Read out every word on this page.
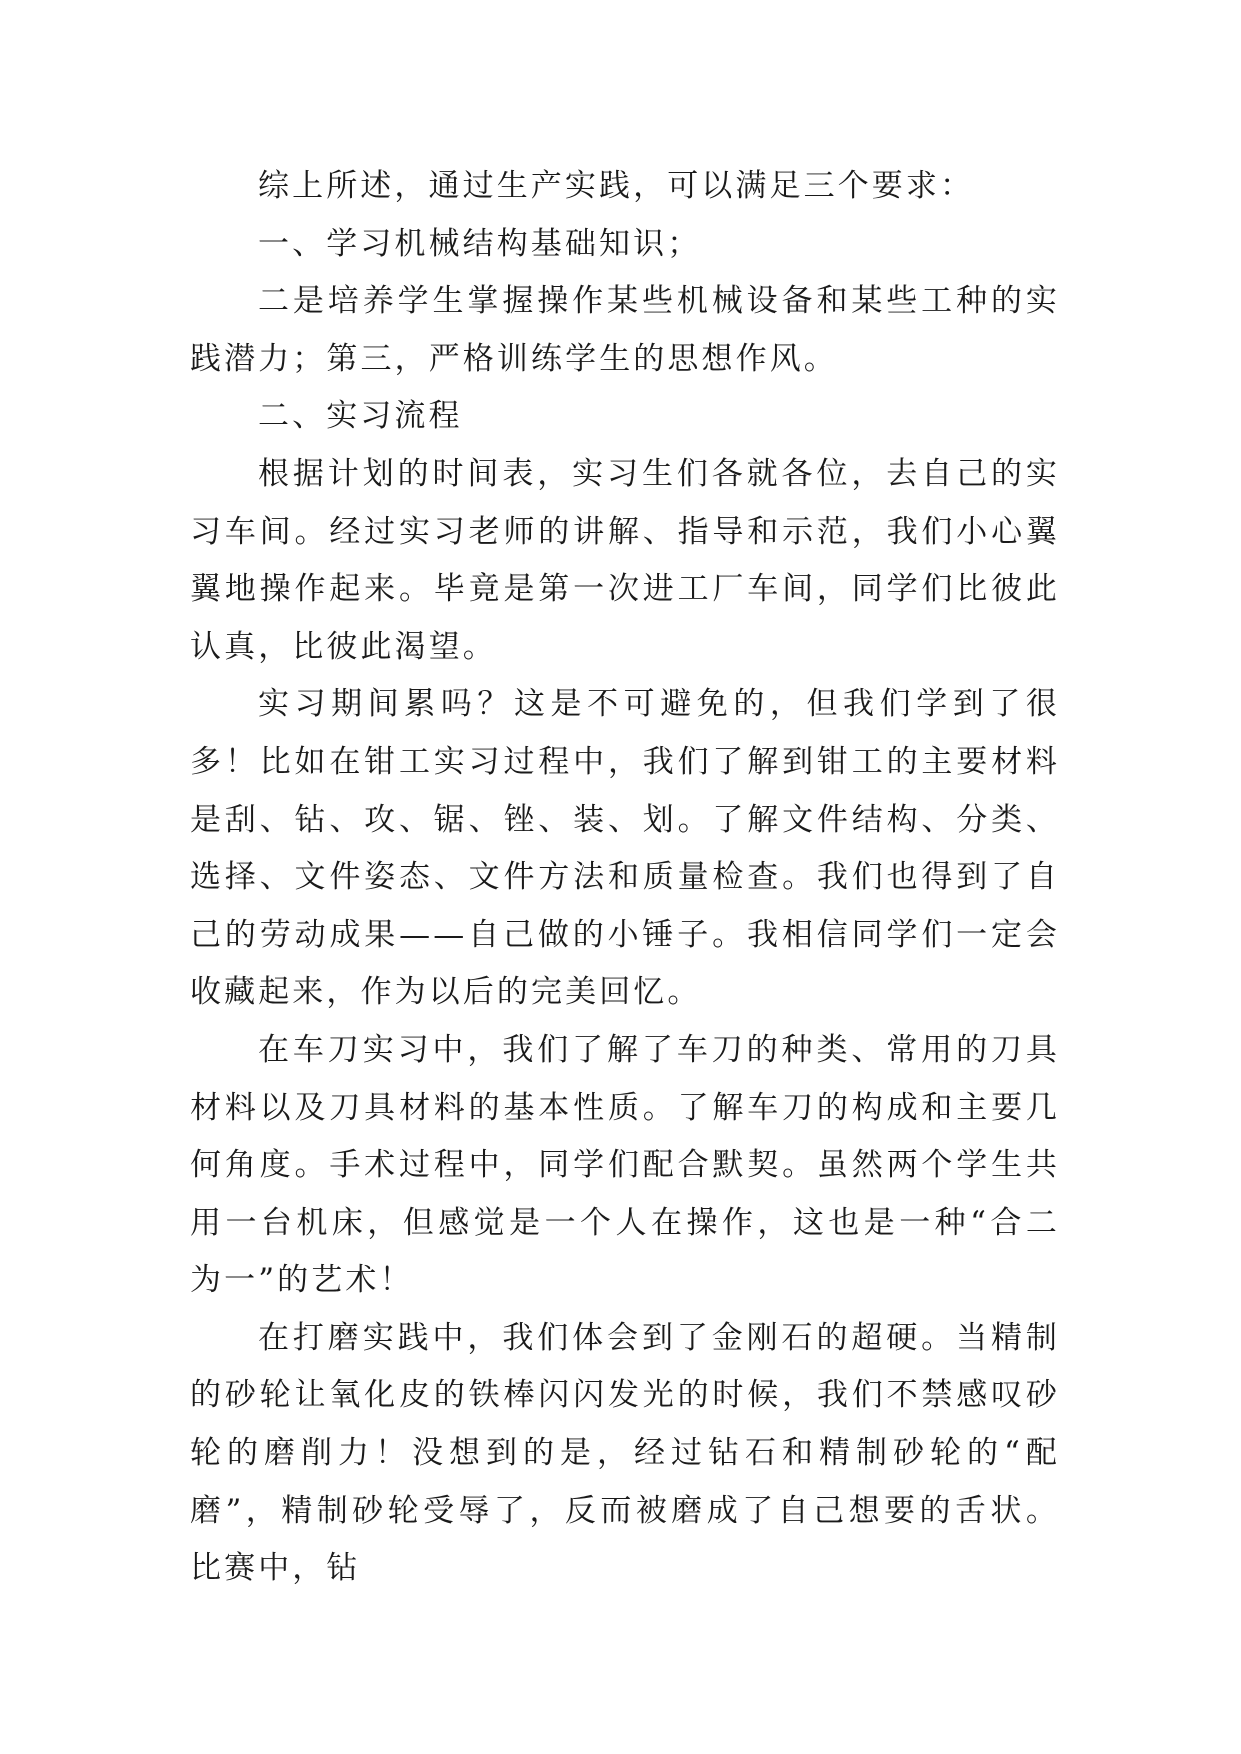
综上所述，通过生产实践，可以满足三个要求：

一、学习机械结构基础知识；

二是培养学生掌握操作某些机械设备和某些工种的实践潜力；第三，严格训练学生的思想作风。

二、实习流程

根据计划的时间表，实习生们各就各位，去自己的实习车间。经过实习老师的讲解、指导和示范，我们小心翼翼地操作起来。毕竟是第一次进工厂车间，同学们比彼此认真，比彼此渴望。

实习期间累吗？这是不可避免的，但我们学到了很多！比如在钳工实习过程中，我们了解到钳工的主要材料是刮、钻、攻、锯、锉、装、划。了解文件结构、分类、选择、文件姿态、文件方法和质量检查。我们也得到了自己的劳动成果——自己做的小锤子。我相信同学们一定会收藏起来，作为以后的完美回忆。

在车刀实习中，我们了解了车刀的种类、常用的刀具材料以及刀具材料的基本性质。了解车刀的构成和主要几何角度。手术过程中，同学们配合默契。虽然两个学生共用一台机床，但感觉是一个人在操作，这也是一种“合二为一”的艺术！

在打磨实践中，我们体会到了金刚石的超硬。当精制的砂轮让氧化皮的铁棒闪闪发光的时候，我们不禁感叹砂轮的磨削力！没想到的是，经过钻石和精制砂轮的“配磨”，精制砂轮受辱了，反而被磨成了自己想要的舌状。比赛中，钻
